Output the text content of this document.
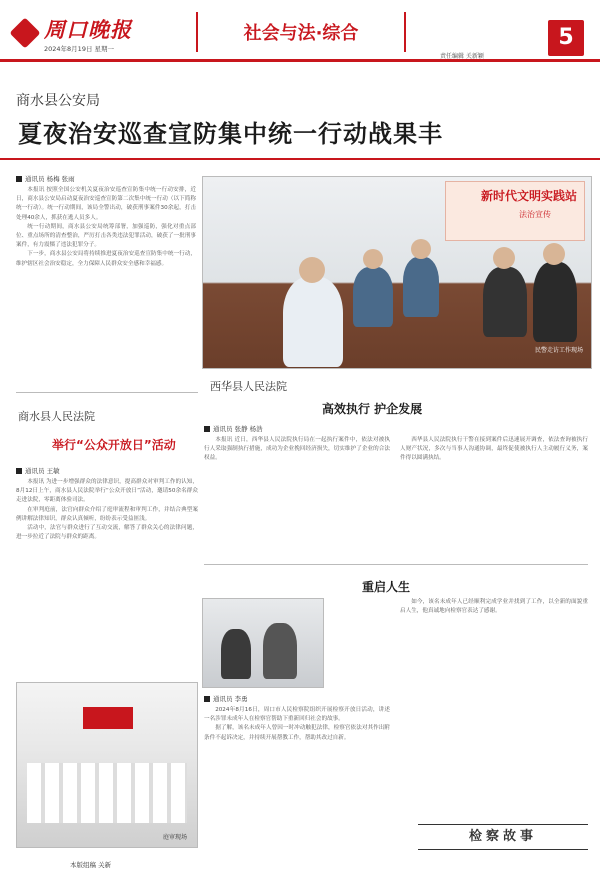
周口晚报
2024年8月19日 星期一
社会与法·综合
责任编辑 关新颖
5
商水县公安局
夏夜治安巡查宣防集中统一行动战果丰
通讯员 杨梅 张雨

本报讯 按照全国公安机关夏夜治安巡查宣防集中统一行动安排，近日，商水县公安局启动夏夜治安巡查宣防第二次集中统一行动（以下简称统一行动）。统一行动期间，该局全警出动，破获刑事案件30余起，打击处理40余人，抓获在逃人员多人。

统一行动期间，商水县公安局统筹部署，加强巡防，强化对重点部位、重点场所的清查整治，严厉打击各类违法犯罪活动，破获了一批刑事案件，有力震慑了违法犯罪分子。

下一步，商水县公安局将持续推进夏夜治安巡查宣防集中统一行动，维护辖区社会治安稳定，全力保障人民群众安全感和幸福感。

新时代文明实践站
法治宣传
民警走访工作现场
商水县人民法院
举行“公众开放日”活动
通讯员 王敏

本报讯 为进一步增强群众的法律意识，提高群众对审判工作的认知，8月12日上午，商水县人民法院举行“公众开放日”活动，邀请50余名群众走进法院，零距离体验司法。

在审判庭前，法官向群众介绍了庭审流程和审判工作，并结合典型案例讲解法律知识，群众认真倾听，纷纷表示受益匪浅。

活动中，法官与群众进行了互动交流，解答了群众关心的法律问题，进一步拉近了法院与群众的距离。

庭审现场
本版组稿 关新
西华县人民法院
高效执行 护企发展
通讯员 张静 杨浩

本报讯 近日，西华县人民法院执行局在一起执行案件中，依法对被执行人采取强制执行措施，成功为企业挽回经济损失，切实维护了企业的合法权益。

西华县人民法院执行干警在接到案件后迅速展开调查，依法查询被执行人财产状况，多次与当事人沟通协调，最终促使被执行人主动履行义务，案件得以圆满执结。

重启人生
通讯员 李勇

2024年8月16日，周口市人民检察院组织开展检察开放日活动，讲述一名涉罪未成年人在检察官帮助下重新回归社会的故事。

据了解，该名未成年人曾因一时冲动触犯法律，检察官依法对其作出附条件不起诉决定，并持续开展帮教工作，帮助其改过自新。

如今，该名未成年人已经顺利完成学业并找到了工作，以全新的面貌重启人生，他真诚地向检察官表达了感谢。

检察故事
